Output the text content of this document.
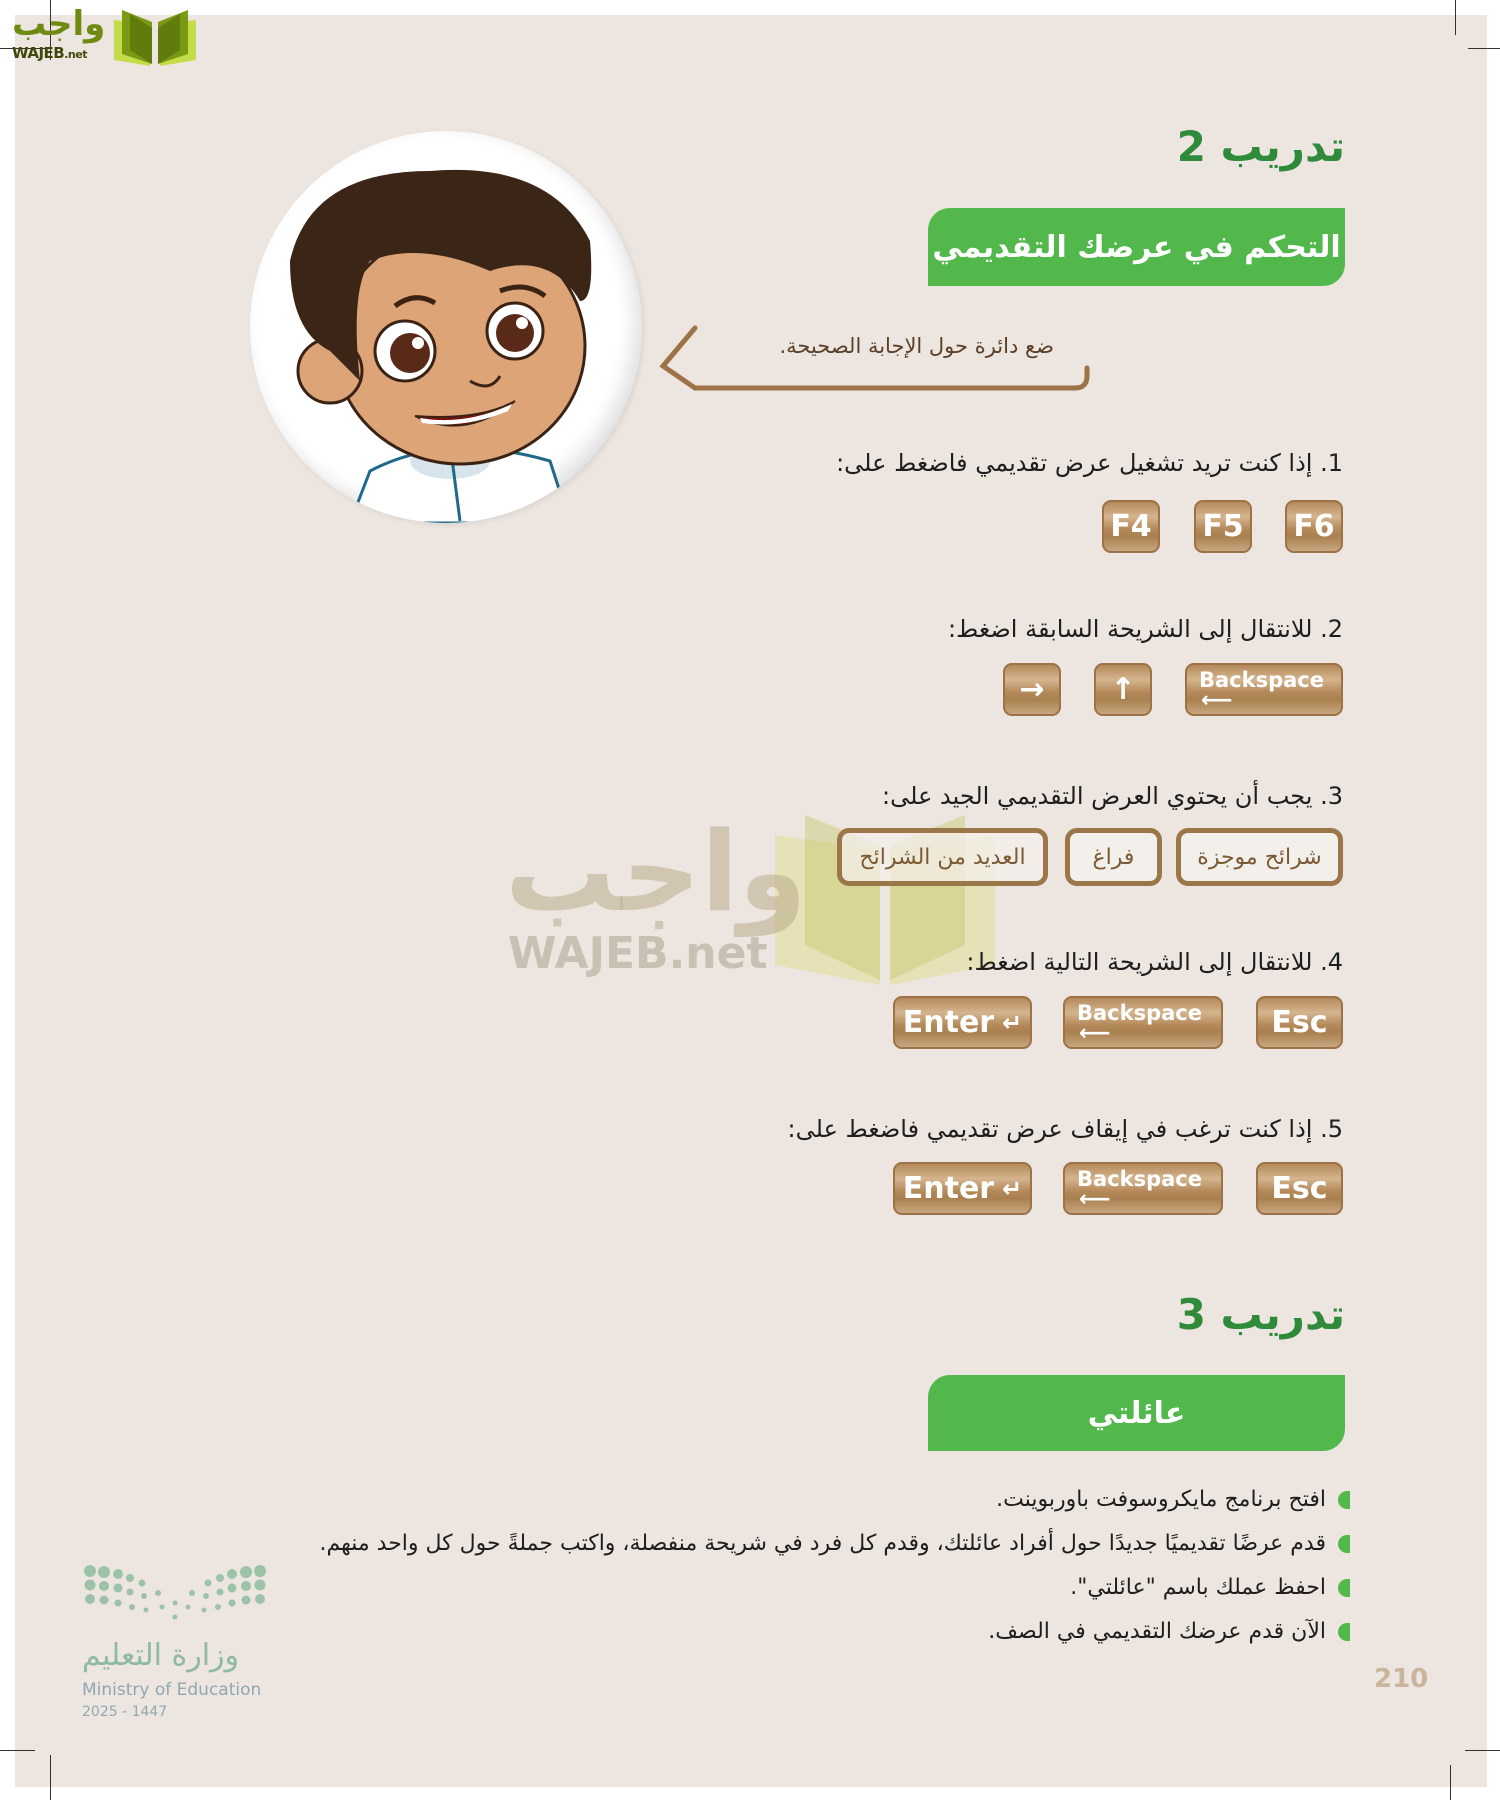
واجب
WAJEB.net
تدريب 2
التحكم في عرضك التقديمي
ضع دائرة حول الإجابة الصحيحة.
1. إذا كنت تريد تشغيل عرض تقديمي فاضغط على:
F6
F5
F4
2. للانتقال إلى الشريحة السابقة اضغط:
Backspace
⟵
↑
→
واجب
WAJEB.net
3. يجب أن يحتوي العرض التقديمي الجيد على:
شرائح موجزة
فراغ
العديد من الشرائح
4. للانتقال إلى الشريحة التالية اضغط:
Esc
Backspace
⟵
Enter ↵
5. إذا كنت ترغب في إيقاف عرض تقديمي فاضغط على:
Esc
Backspace
⟵
Enter ↵
تدريب 3
عائلتي
افتح برنامج مايكروسوفت باوربوينت.
قدم عرضًا تقديميًا جديدًا حول أفراد عائلتك، وقدم كل فرد في شريحة منفصلة، واكتب جملةً حول كل واحد منهم.
احفظ عملك باسم "عائلتي".
الآن قدم عرضك التقديمي في الصف.
وزارة التعليم
Ministry of Education
2025 - 1447
210
